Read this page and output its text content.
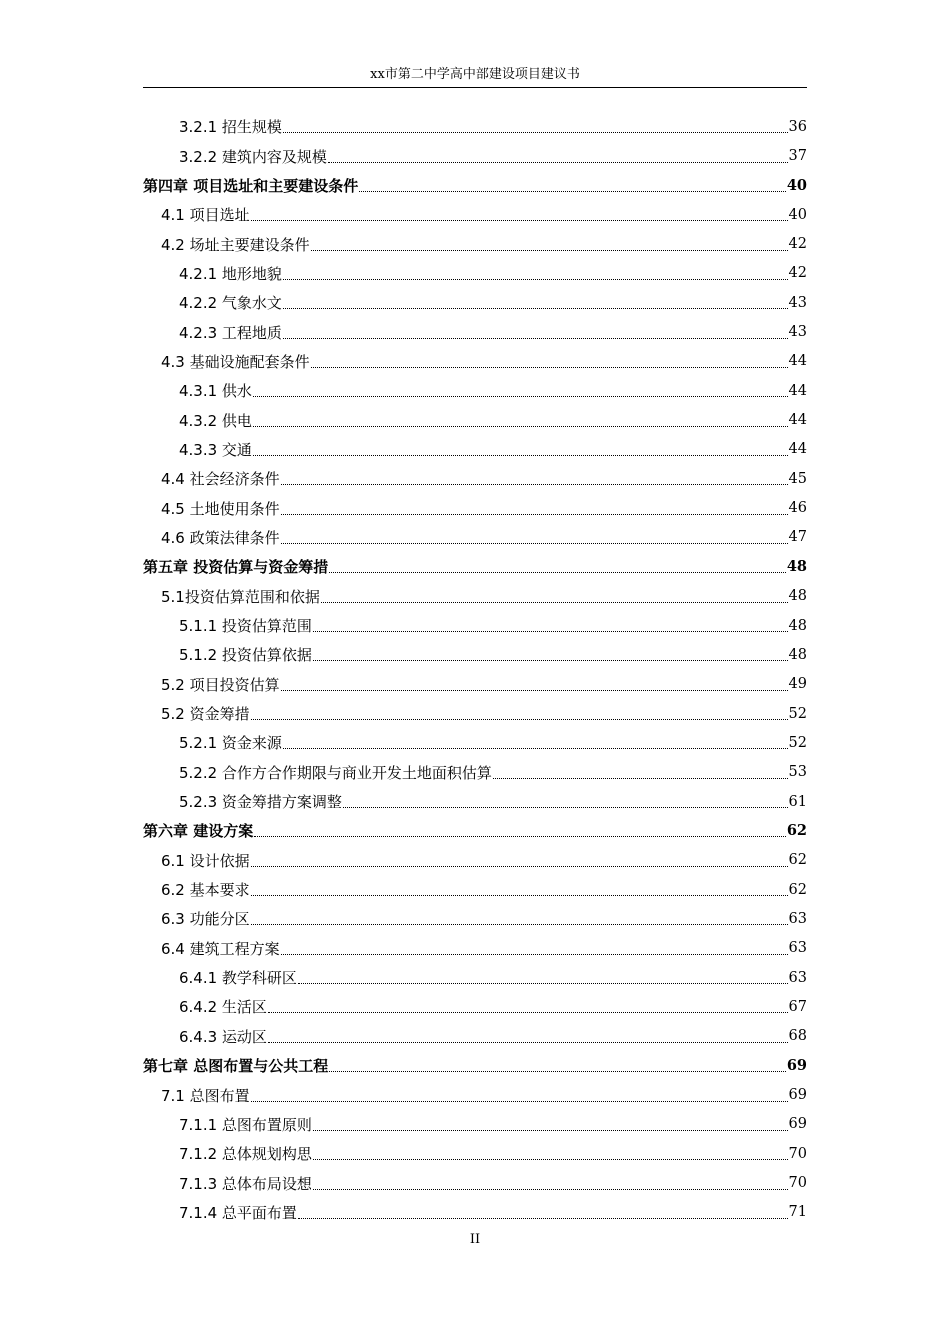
xx市第二中学高中部建设项目建议书
3.2.1 招生规模	36
3.2.2 建筑内容及规模	37
第四章 项目选址和主要建设条件	40
4.1 项目选址	40
4.2 场址主要建设条件	42
4.2.1 地形地貌	42
4.2.2 气象水文	43
4.2.3 工程地质	43
4.3 基础设施配套条件	44
4.3.1 供水	44
4.3.2 供电	44
4.3.3 交通	44
4.4 社会经济条件	45
4.5 土地使用条件	46
4.6 政策法律条件	47
第五章 投资估算与资金筹措	48
5.1投资估算范围和依据	48
5.1.1 投资估算范围	48
5.1.2 投资估算依据	48
5.2 项目投资估算	49
5.2 资金筹措	52
5.2.1 资金来源	52
5.2.2 合作方合作期限与商业开发土地面积估算	53
5.2.3 资金筹措方案调整	61
第六章 建设方案	62
6.1 设计依据	62
6.2 基本要求	62
6.3 功能分区	63
6.4 建筑工程方案	63
6.4.1 教学科研区	63
6.4.2 生活区	67
6.4.3 运动区	68
第七章 总图布置与公共工程	69
7.1 总图布置	69
7.1.1 总图布置原则	69
7.1.2 总体规划构思	70
7.1.3 总体布局设想	70
7.1.4 总平面布置	71
II
